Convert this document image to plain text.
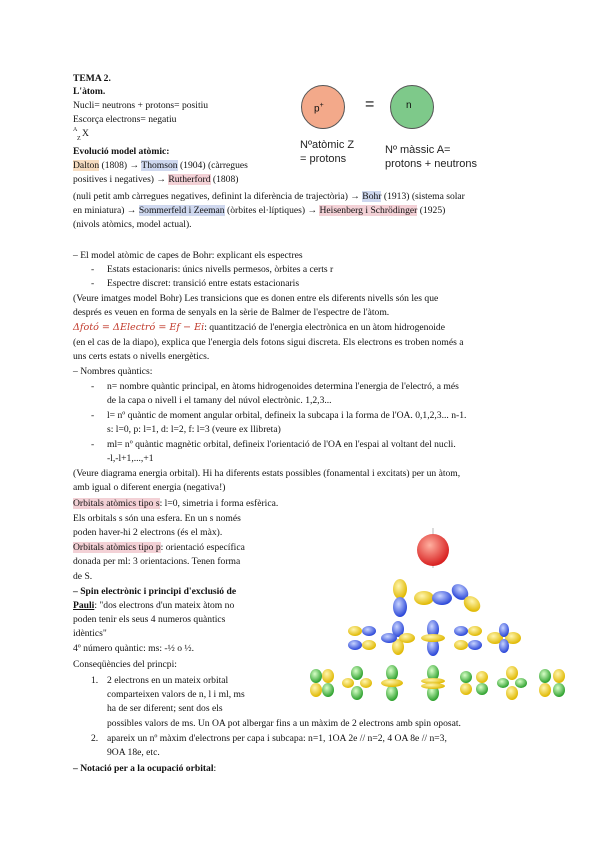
TEMA 2.
L'àtom.
Nucli= neutrons + protons= positiu
Escorça electrons= negatiu
A
Z X
p+	=	n
Nºatòmic Z
= protons
Nº màssic A=
protons + neutrons
Evolució model atòmic:
Dalton (1808) → Thomson (1904) (càrregues
positives i negatives) → Rutherford (1808)
(nuli petit amb càrregues negatives, definint la diferència de trajectòria) → Bohr (1913) (sistema solar
en miniatura) → Sommerfeld i Zeeman (òrbites el·líptiques) → Heisenberg i Schrödinger (1925)
(nivols atòmics, model actual).
– El model atòmic de capes de Bohr: explicant els espectres
- Estats estacionaris: únics nivells permesos, òrbites a certs r
- Espectre discret: transició entre estats estacionaris
(Veure imatges model Bohr) Les transicions que es donen entre els diferents nivells són les que
després es veuen en forma de senyals en la sèrie de Balmer de l'espectre de l'àtom.
Δfotó = ΔElectró = Ef − Ei: quantització de l'energia electrònica en un àtom hidrogenoide
(en el cas de la diapo), explica que l'energia dels fotons sigui discreta. Els electrons es troben només a
uns certs estats o nivells energètics.
– Nombres quàntics:
- n= nombre quàntic principal, en àtoms hidrogenoides determina l'energia de l'electró, a més
de la capa o nivell i el tamany del núvol electrònic. 1,2,3...
- l= nº quàntic de moment angular orbital, defineix la subcapa i la forma de l'OA. 0,1,2,3... n-1.
s: l=0, p: l=1, d: l=2, f: l=3 (veure ex llibreta)
- ml= nº quàntic magnètic orbital, defineix l'orientació de l'OA en l'espai al voltant del nucli.
-l,-l+1,...,+1
(Veure diagrama energia orbital). Hi ha diferents estats possibles (fonamental i excitats) per un àtom,
amb igual o diferent energia (negativa!)
Orbitals atòmics tipo s: l=0, simetria i forma esfèrica.
Els orbitals s són una esfera. En un s només
poden haver-hi 2 electrons (és el màx).
Orbitals atòmics tipo p: orientació específica
donada per ml: 3 orientacions. Tenen forma
de S.
– Spin electrònic i principi d'exclusió de
Pauli: "dos electrons d'un mateix àtom no
poden tenir els seus 4 numeros quàntics
idèntics"
4º número quàntic: ms: -½ o ½.
Conseqüències del princpi:
1. 2 electrons en un mateix orbital
comparteixen valors de n, l i ml, ms
ha de ser diferent; sent dos els
possibles valors de ms. Un OA pot albergar fins a un màxim de 2 electrons amb spin oposat.
2. apareix un nº màxim d'electrons per capa i subcapa: n=1, 1OA 2e // n=2, 4 OA 8e // n=3,
9OA 18e, etc.
– Notació per a la ocupació orbital:
